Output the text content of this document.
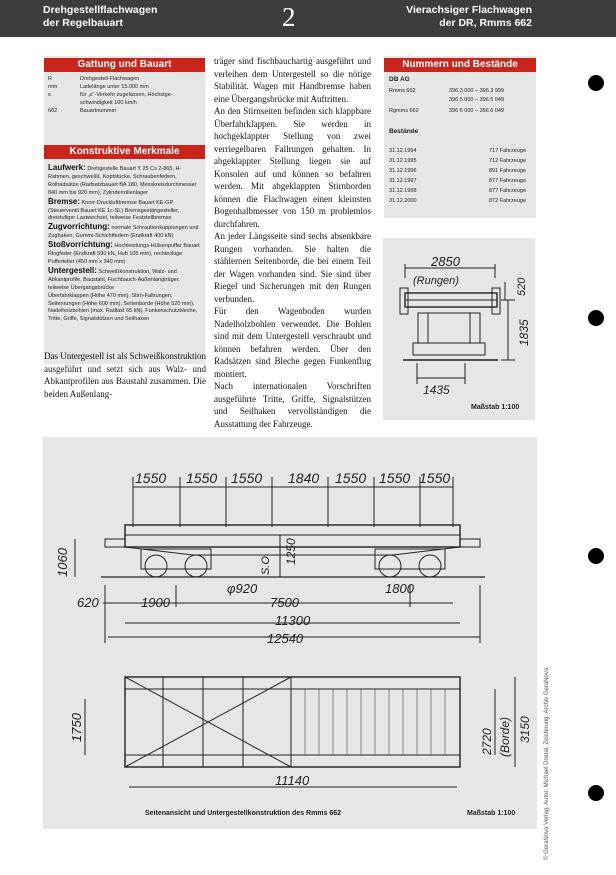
Drehgestellflachwagen
der Regelbauart	2	Vierachsiger Flachwagen
der DR, Rmms 662
Gattung und Bauart
R	Drehgestell-Flachwagen
mm	Ladelänge unter 15.000 mm
s	für „s“-Verkehr zugelassen, Höchstge-
schwindigkeit 100 km/h
662	Bauartnummer
Konstruktive Merkmale
Laufwerk: Drehgestelle Bauart Y 25 Cs 2-865, H-Rahmen, geschweißt, Kopfstücke, Schraubenfedern, Rollradsätze (Radsatzbauart BA 180, Messkreisdurchmesser 840 mm bis 920 mm), Zylinderrollenlager
Bremse: Knorr-Druckluftbremse Bauart KE-GP (Steuerventil Bauart KE 1c-SL) Bremsgestängesteller, dreistufiger Lastwechsel, teilweise Feststellbremse
Zugvorrichtung: normale Schraubenkupplungen und Zughaken, Gummi-Schichtfedern (Endkraft 400 kN)
Stoßvorrichtung: Hochleistungs-Hülsenpuffer Bauart Ringfeder (Endkraft 590 kN, Hub 105 mm), rechteckige Pufferteller (450 mm x 340 mm)
Untergestell: Schweißkonstruktion, Walz- und Abkantprofile, Baustahl, Fischbauch-Außenlangträger, teilweise Übergangsbrücke
Überfahrklappen (Höhe 470 mm), Stirn-Faltrungen, Seitenrungen (Höhe 600 mm), Seitenborde (Höhe 520 mm), Nadelholzbohlen (max. Radlast 65 kN), Funkenschutzbleche, Tritte, Griffe, Signalstützen und Seilhaken

Das Untergestell ist als Schweißkonstruktion ausgeführt und setzt sich aus Walz- und Abkantprofilen aus Baustahl zusammen. Die beiden Außenlang-

träger sind fischbauchartig ausgeführt und verleihen dem Untergestell so die nötige Stabilität. Wagen mit Handbremse haben eine Übergangsbrücke mit Auftritten.

An den Stirnseiten befinden sich klappbare Überfahrklappen. Sie werden in hochgeklappter Stellung von zwei verriegelbaren Fallrungen gehalten. In abgeklappter Stellung liegen sie auf Konsolen auf und können so befahren werden. Mit abgeklappten Stirnborden können die Flachwagen einen kleinsten Bogenhalbmesser von 150 m problemlos durchfahren.

An jeder Längsseite sind sechs absenkbare Rungen vorhanden. Sie halten die stählernen Seitenborde, die bei einem Teil der Wagen vorhanden sind. Sie sind über Riegel und Sicherungen mit den Rungen verbunden.

Für den Wagenboden wurden Nadelholzbohlen verwendet. Die Bohlen sind mit dem Untergestell verschraubt und können befahren werden. Über den Radsätzen sind Bleche gegen Funkenflug montiert.

Nach internationalen Vorschriften ausgeführte Tritte, Griffe, Signalstützen und Seilhaken vervollständigen die Ausstattung der Fahrzeuge.

Nummern und Bestände
DB AG
Rmms 662	396 3 000 – 396 3 999
396 5 000 – 396 5 049
Rgmms 662	396 6 000 – 396 6 049
Bestände
31.12.1994	717 Fahrzeuge
31.12.1995	712 Fahrzeuge
31.12.1996	891 Fahrzeuge
31.12.1997	877 Fahrzeuge
31.12.1998	877 Fahrzeuge
31.12.2000	872 Fahrzeuge
2850
(Rungen)	520
1835
1435
Maßstab 1:100
1550 1550 1550 1840 1550 1550 1550
1060	1250
S.O.
φ920	1800
620	1900	7500
11300
12540
1750	2720 (Borde) 3150
11140
Seitenansicht und Untergestellkonstruktion des Rmms 662	Maßstab 1:100	© GeraNova Verlag, Autor: Michael Dostal, Zeichnung: Archiv GeraNova
